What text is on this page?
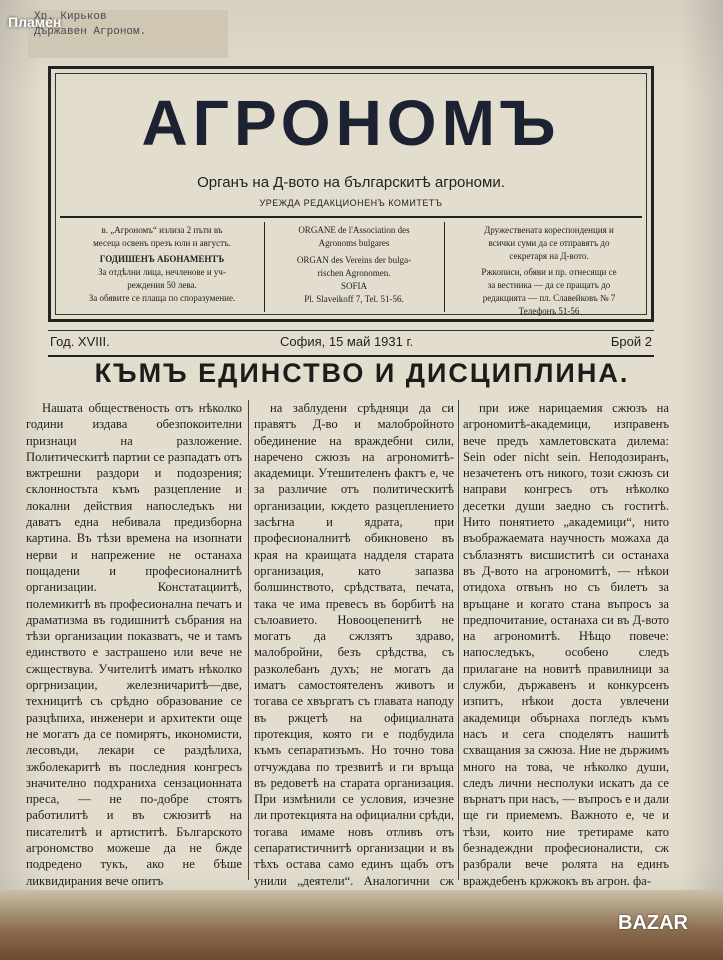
Хр. Кирьков
Държавен Агроном.
Пламен
АГРОНОМЪ
Органъ на Д-вото на българскитѣ агрономи.
УРЕЖДА РЕДАКЦИОНЕНЪ КОМИТЕТЪ
в. „Агрономъ“ излиза 2 пъти въ
месеца освенъ презъ юли и августъ.
ГОДИШЕНЪ АБОНАМЕНТЪ
За отдѣлни лица, нечленове и уч-
реждения 50 лева.
За обявите се плаща по споразумение.
ORGANE de l'Association des
Agronoms bulgares
ORGAN des Vereins der bulga-
rischen Agronomen.
SOFIA
Pl. Slaveikoff 7, Tel. 51-56.
Дружествената кореспонденция и
всички суми да се отправятъ до
секретаря на Д-вото.
Ржкописи, обяви и пр. отнесящи се
за вестника — да се пращатъ до
редакцията — пл. Славейковъ № 7
Телефонъ 51-56
Год. XVIII.	София, 15 май 1931 г.	Брой 2
КЪМЪ ЕДИНСТВО И ДИСЦИПЛИНА.

Нашата общественость отъ нѣколко години издава обезпокоителни признаци на разложение. Политическитѣ партии се разпадатъ отъ вжтрешни раздори и подозрения; склонностьта къмъ разцепление и локални действия напоследъкъ ни даватъ една небивала предизборна картина. Въ тѣзи времена на изопнати нерви и напрежение не останаха пощадени и професионалнитѣ организации. Констатациитѣ, полемикитѣ въ професионална печатъ и драматизма въ годишнитѣ събрания на тѣзи организации показватъ, че и тамъ единството е застрашено или вече не сжществува. Учителитѣ иматъ нѣколко оргрнизации, железничаритѣ—две, техницитѣ съ срѣдно образование се разцѣпиха, инженери и архитекти още не могатъ да се помирятъ, икономисти, лесовъди, лекари се раздѣлиха, зжболекаритѣ въ последния конгресъ значително подхраниха сензационната преса, — не по-добре стоятъ работилитѣ и въ сжюзитѣ на писателитѣ и артиститѣ. Българското агрономство можеше да не бжде подредено тукъ, ако не бѣше ликвидирания вече опитъ

на заблудени срѣдняци да си правятъ Д-во и малобройното обединение на враждебни сили, наречено сжюзъ на агрономитѣ-академици. Утешителенъ фактъ е, че за различие отъ политическитѣ организации, кждето разцеплението засѣгна и ядрата, при професионалнитѣ обикновено въ края на краищата надделя старата организация, като запазва болшинството, срѣдствата, печата, така че има превесъ въ борбитѣ на сълоавието. Новооцепенитѣ не могатъ да сжлзятъ здраво, малобройни, безъ срѣдства, съ разколебанъ духъ; не могатъ да иматъ самостоятеленъ животъ и тогава се хвъргатъ съ главата наподу въ ржцетѣ на официалната протекция, която ги е подбудила къмъ сепаратизъмъ. Но точно това отчуждава по трезвитѣ и ги връща въ редоветѣ на старата организация. При измѣнили се условия, изчезне ли протекцията на официални срѣди, тогава имаме новъ отливъ отъ сепаратистичнитѣ организации и въ тѣхъ остава само единъ щабъ отъ унили „деятели“. Аналогични сж

при иже нарицаемия сжюзъ на агрономитѣ-академици, изправенъ вече предъ хамлетовската дилема: Sein oder nicht sein. Неподозиранъ, незачетенъ отъ никого, този сжюзъ си направи конгресъ отъ нѣколко десетки души заедно съ гоститѣ. Нито понятието „академици“, нито въображаемата научность можаха да съблазнятъ висшиститѣ си останаха въ Д-вото на агрономитѣ, — нѣкои отидоха отвънъ но съ билетъ за връщане и когато стана въпросъ за предпочитание, останаха си въ Д-вото на агрономитѣ. Нѣщо повече: напоследъкъ, особено следъ прилагане на новитѣ правилници за служби, държавенъ и конкурсенъ изпитъ, нѣкои доста увлечени академици обърнаха погледъ къмъ насъ и сега споделятъ нашитѣ схващания за сжюза. Ние не държимъ много на това, че нѣколко души, следъ лични несполуки искатъ да се върнатъ при насъ, — въпросъ е и дали ще ги приемемъ. Важното е, че и тѣзи, които ние третираме като безнадеждни професионалисти, сж разбрали вече ролята на единъ враждебенъ кржжокъ въ агрон. фа-

BAZAR
